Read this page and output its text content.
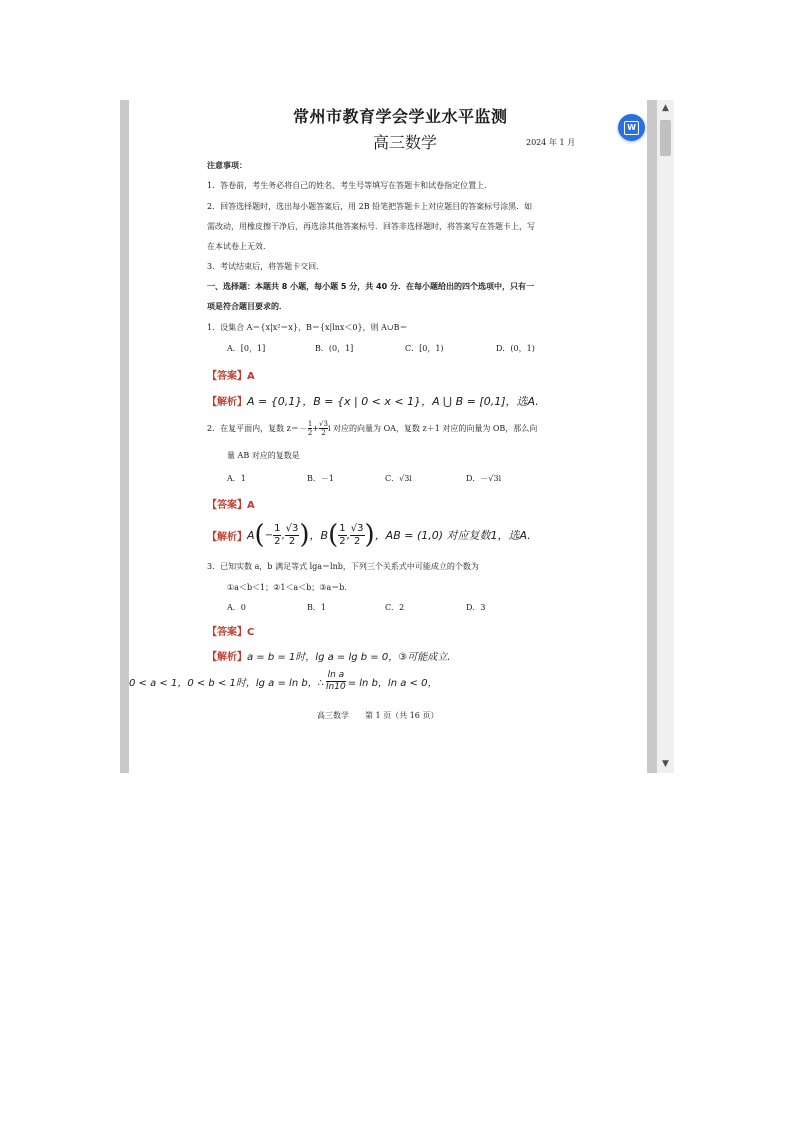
常州市教育学会学业水平监测
高三数学	2024 年 1 月
注意事项：
1．答卷前，考生务必将自己的姓名、考生号等填写在答题卡和试卷指定位置上．
2．回答选择题时，选出每小题答案后，用 2B 铅笔把答题卡上对应题目的答案标号涂黑．如
需改动，用橡皮擦干净后，再选涂其他答案标号．回答非选择题时，将答案写在答题卡上，写
在本试卷上无效．
3．考试结束后，将答题卡交回．
一、选择题：本题共 8 小题，每小题 5 分，共 40 分．在每小题给出的四个选项中，只有一
项是符合题目要求的．
1．设集合 A＝{x|x²＝x}，B＝{x|lnx＜0}，则 A∪B＝
A．[0，1]	B．(0，1]	C．[0，1)	D．(0，1)
【答案】A
【解析】A = {0,1}，B = {x | 0 < x < 1}，A ⋃ B = [0,1]，选A.
2．在复平面内，复数 z＝ －
1
$2 + \frac{√3}{2}$ i 对应的向量为 OA，复数 z＋1 对应的向量为 OB，那么向
量 AB 对应的复数是
A．1	B．－1	C．√3i	D．－√3i
【答案】A
【解析】 A ( − $\frac{1}{2}$ ,
√3
2 ) ，B ( 1
2
,
√3
2 ) ，AB = (1,0) 对应复数1，选A.
3．已知实数 a，b 满足等式 lga＝lnb，下列三个关系式中可能成立的个数为
①a＜b＜1；②1＜a＜b；③a＝b．
A．0	B．1	C．2	D．3
【答案】C
【解析】a = b = 1时，lg a = lg b = 0，③可能成立.
0 < a < 1，0 < b < 1时，lg a = ln b，∴ $\frac{\text{ln a}}{\ln 10} = \ln b$，ln a < 0，
高三数学　　第 1 页（共 16 页）
▲
▼
W
